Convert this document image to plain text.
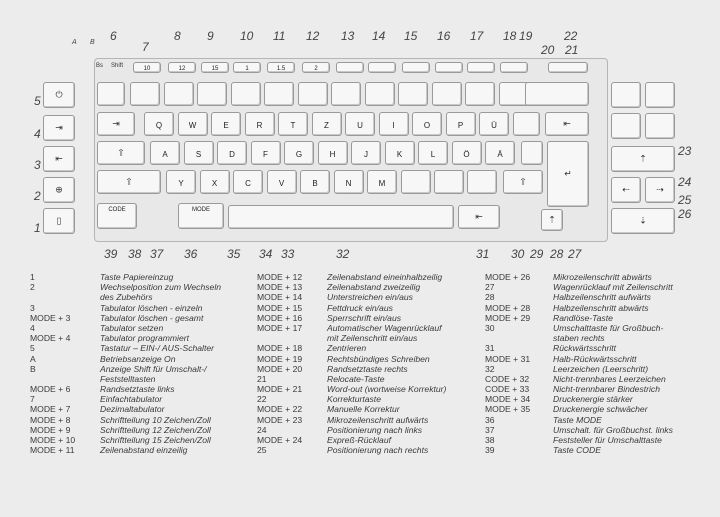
⏻
⇥
⇤
⊕
▯
Bs Shift	10	12	15	1	1.5	2
⇥	Q	W	E	R	T	Z	U	I	O	P	Ü	⇤
⇧	A	S	D	F	G	H	J	K	L	Ö	Ä
↵
⇧	Y	X	C	V	B	N	M	⇧
CODE	MODE
⇤	⇡
⇡
⇠	⇢
⇣
5
4
3
2
1
6
7
8 9 10 11 12 13 14 15 16 17 18 19
20 21
22
23
24
25
26
39 38 37 36 35 34 33	32	31 30 29 28 27
A B
1	Taste Papiereinzug
2	Wechselposition zum Wechseln
des Zubehörs
3	Tabulator löschen - einzeln
MODE + 3	Tabulator löschen - gesamt
4	Tabulator setzen
MODE + 4	Tabulator programmiert
5	Tastatur – EIN-/ AUS-Schalter
A	Betriebsanzeige On
B	Anzeige Shift für Umschalt-/
Feststelltasten
MODE + 6	Randsetztaste links
7	Einfachtabulator
MODE + 7	Dezimaltabulator
MODE + 8	Schriftteilung 10 Zeichen/Zoll
MODE + 9	Schriftteilung 12 Zeichen/Zoll
MODE + 10	Schriftteilung 15 Zeichen/Zoll
MODE + 11	Zeilenabstand einzeilig
MODE + 12	Zeilenabstand eineinhalbzeilig
MODE + 13	Zeilenabstand zweizeilig
MODE + 14	Unterstreichen ein/aus
MODE + 15	Fettdruck ein/aus
MODE + 16	Sperrschrift ein/aus
MODE + 17	Automatischer Wagenrücklauf
mit Zeilenschritt ein/aus
MODE + 18	Zentrieren
MODE + 19	Rechtsbündiges Schreiben
MODE + 20	Randsetztaste rechts
21	Relocate-Taste
MODE + 21	Word-out (wortweise Korrektur)
22	Korrekturtaste
MODE + 22	Manuelle Korrektur
MODE + 23	Mikrozeilenschritt aufwärts
24	Positionierung nach links
MODE + 24	Expreß-Rücklauf
25	Positionierung nach rechts
MODE + 26	Mikrozeilenschritt abwärts
27	Wagenrücklauf mit Zeilenschritt
28	Halbzeilenschritt aufwärts
MODE + 28	Halbzeilenschritt abwärts
MODE + 29	Randlöse-Taste
30	Umschalttaste für Großbuch-
staben rechts
31	Rückwärtsschritt
MODE + 31	Halb-Rückwärtsschritt
32	Leerzeichen (Leerschritt)
CODE + 32	Nicht-trennbares Leerzeichen
CODE + 33	Nicht-trennbarer Bindestrich
MODE + 34	Druckenergie stärker
MODE + 35	Druckenergie schwächer
36	Taste MODE
37	Umschalt. für Großbuchst. links
38	Feststeller für Umschalttaste
39	Taste CODE
